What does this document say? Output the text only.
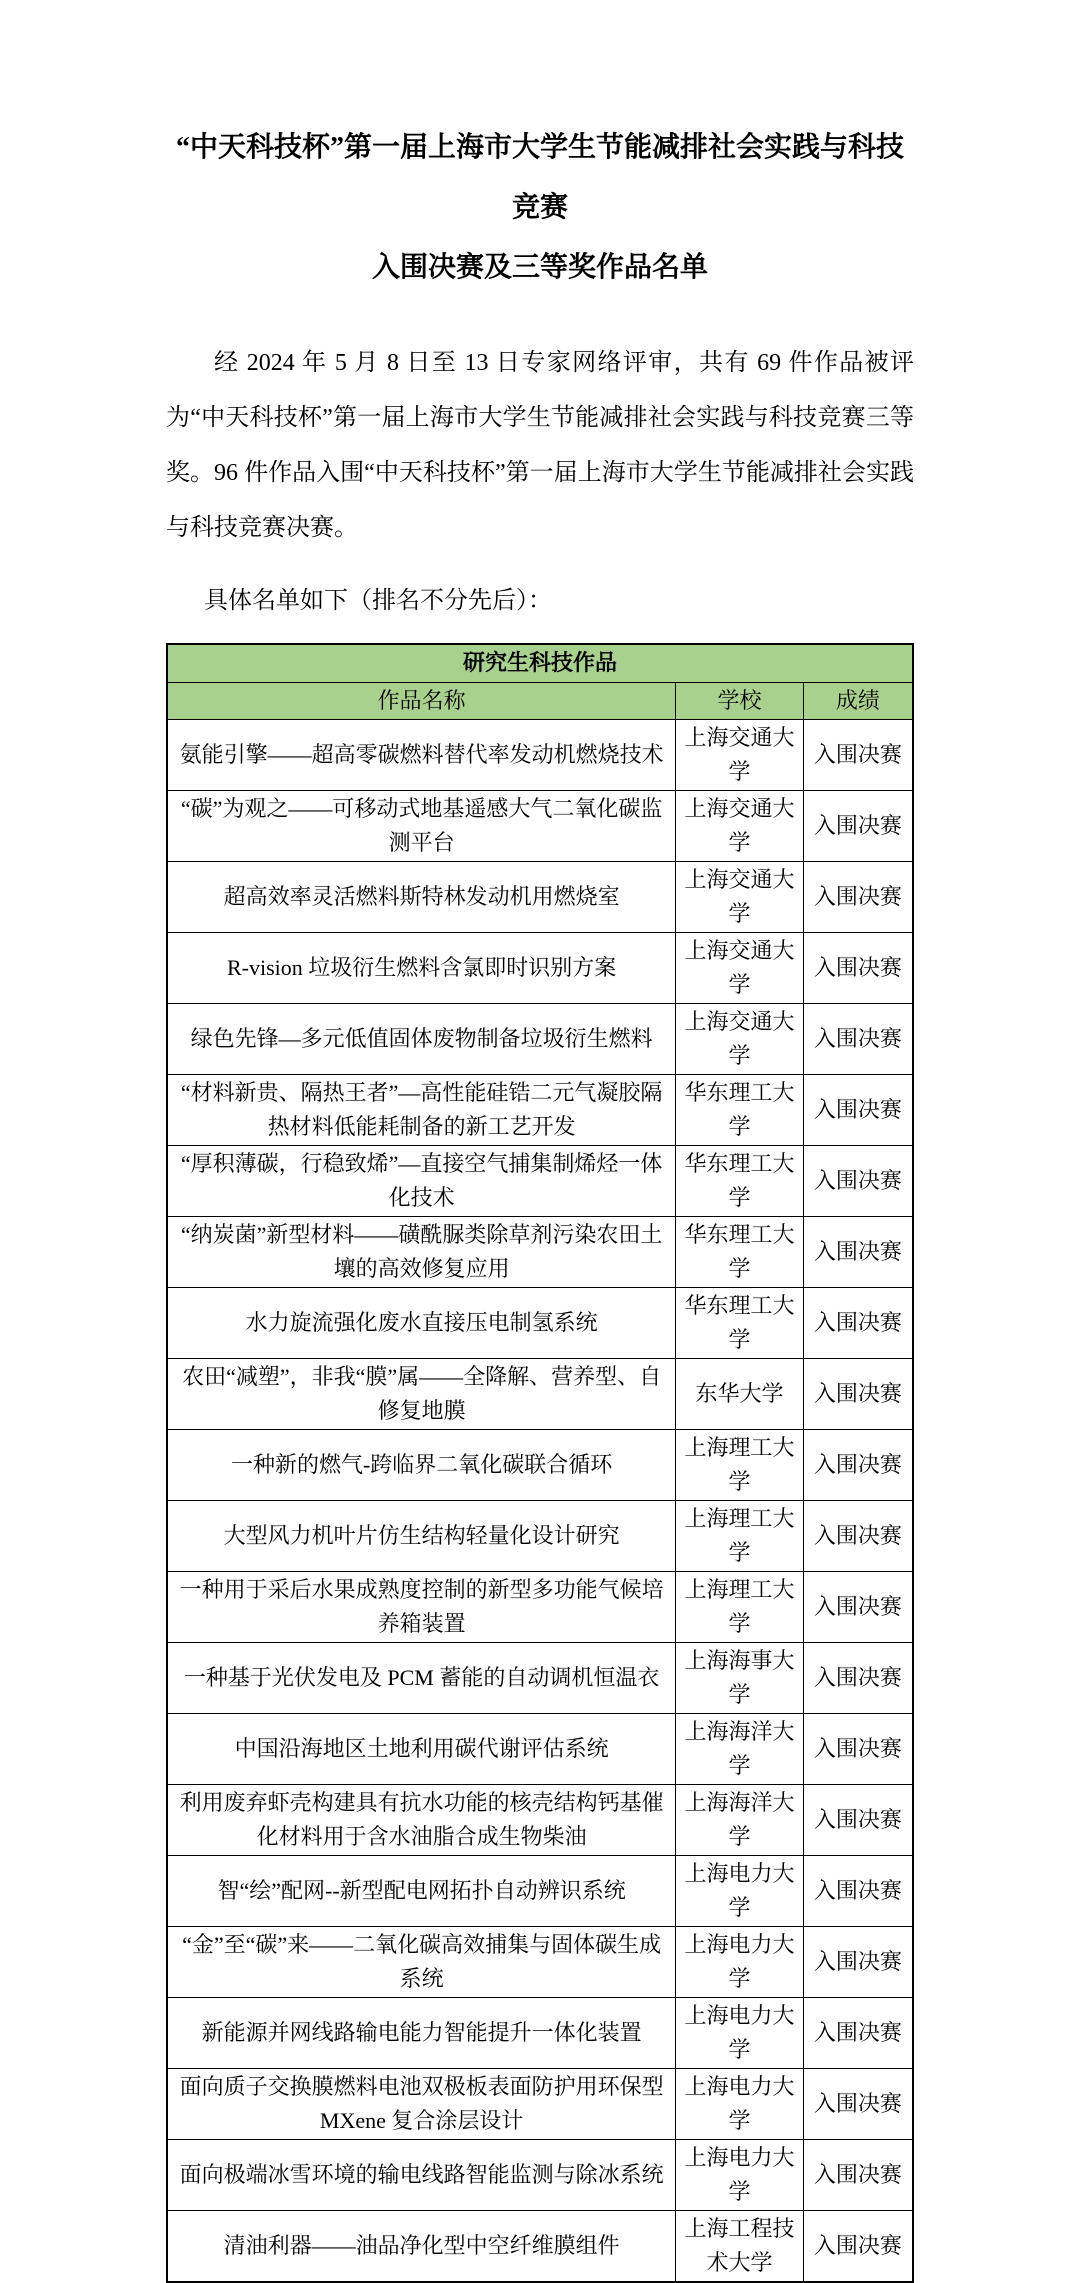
“中天科技杯”第一届上海市大学生节能减排社会实践与科技竞赛
入围决赛及三等奖作品名单

经 2024 年 5 月 8 日至 13 日专家网络评审，共有 69 件作品被评为“中天科技杯”第一届上海市大学生节能减排社会实践与科技竞赛三等奖。96 件作品入围“中天科技杯”第一届上海市大学生节能减排社会实践与科技竞赛决赛。

具体名单如下（排名不分先后）：

研究生科技作品		
作品名称	学校	成绩
氨能引擎——超高零碳燃料替代率发动机燃烧技术	上海交通大学	入围决赛
“碳”为观之——可移动式地基遥感大气二氧化碳监测平台	上海交通大学	入围决赛
超高效率灵活燃料斯特林发动机用燃烧室	上海交通大学	入围决赛
R-vision 垃圾衍生燃料含氯即时识别方案	上海交通大学	入围决赛
绿色先锋—多元低值固体废物制备垃圾衍生燃料	上海交通大学	入围决赛
“材料新贵、隔热王者”—高性能硅锆二元气凝胶隔热材料低能耗制备的新工艺开发	华东理工大学	入围决赛
“厚积薄碳，行稳致烯”—直接空气捕集制烯烃一体化技术	华东理工大学	入围决赛
“纳炭菌”新型材料——磺酰脲类除草剂污染农田土壤的高效修复应用	华东理工大学	入围决赛
水力旋流强化废水直接压电制氢系统	华东理工大学	入围决赛
农田“减塑”，非我“膜”属——全降解、营养型、自修复地膜	东华大学	入围决赛
一种新的燃气-跨临界二氧化碳联合循环	上海理工大学	入围决赛
大型风力机叶片仿生结构轻量化设计研究	上海理工大学	入围决赛
一种用于采后水果成熟度控制的新型多功能气候培养箱装置	上海理工大学	入围决赛
一种基于光伏发电及 PCM 蓄能的自动调机恒温衣	上海海事大学	入围决赛
中国沿海地区土地利用碳代谢评估系统	上海海洋大学	入围决赛
利用废弃虾壳构建具有抗水功能的核壳结构钙基催化材料用于含水油脂合成生物柴油	上海海洋大学	入围决赛
智“绘”配网--新型配电网拓扑自动辨识系统	上海电力大学	入围决赛
“金”至“碳”来——二氧化碳高效捕集与固体碳生成系统	上海电力大学	入围决赛
新能源并网线路输电能力智能提升一体化装置	上海电力大学	入围决赛
面向质子交换膜燃料电池双极板表面防护用环保型 MXene 复合涂层设计	上海电力大学	入围决赛
面向极端冰雪环境的输电线路智能监测与除冰系统	上海电力大学	入围决赛
清油利器——油品净化型中空纤维膜组件	上海工程技术大学	入围决赛
